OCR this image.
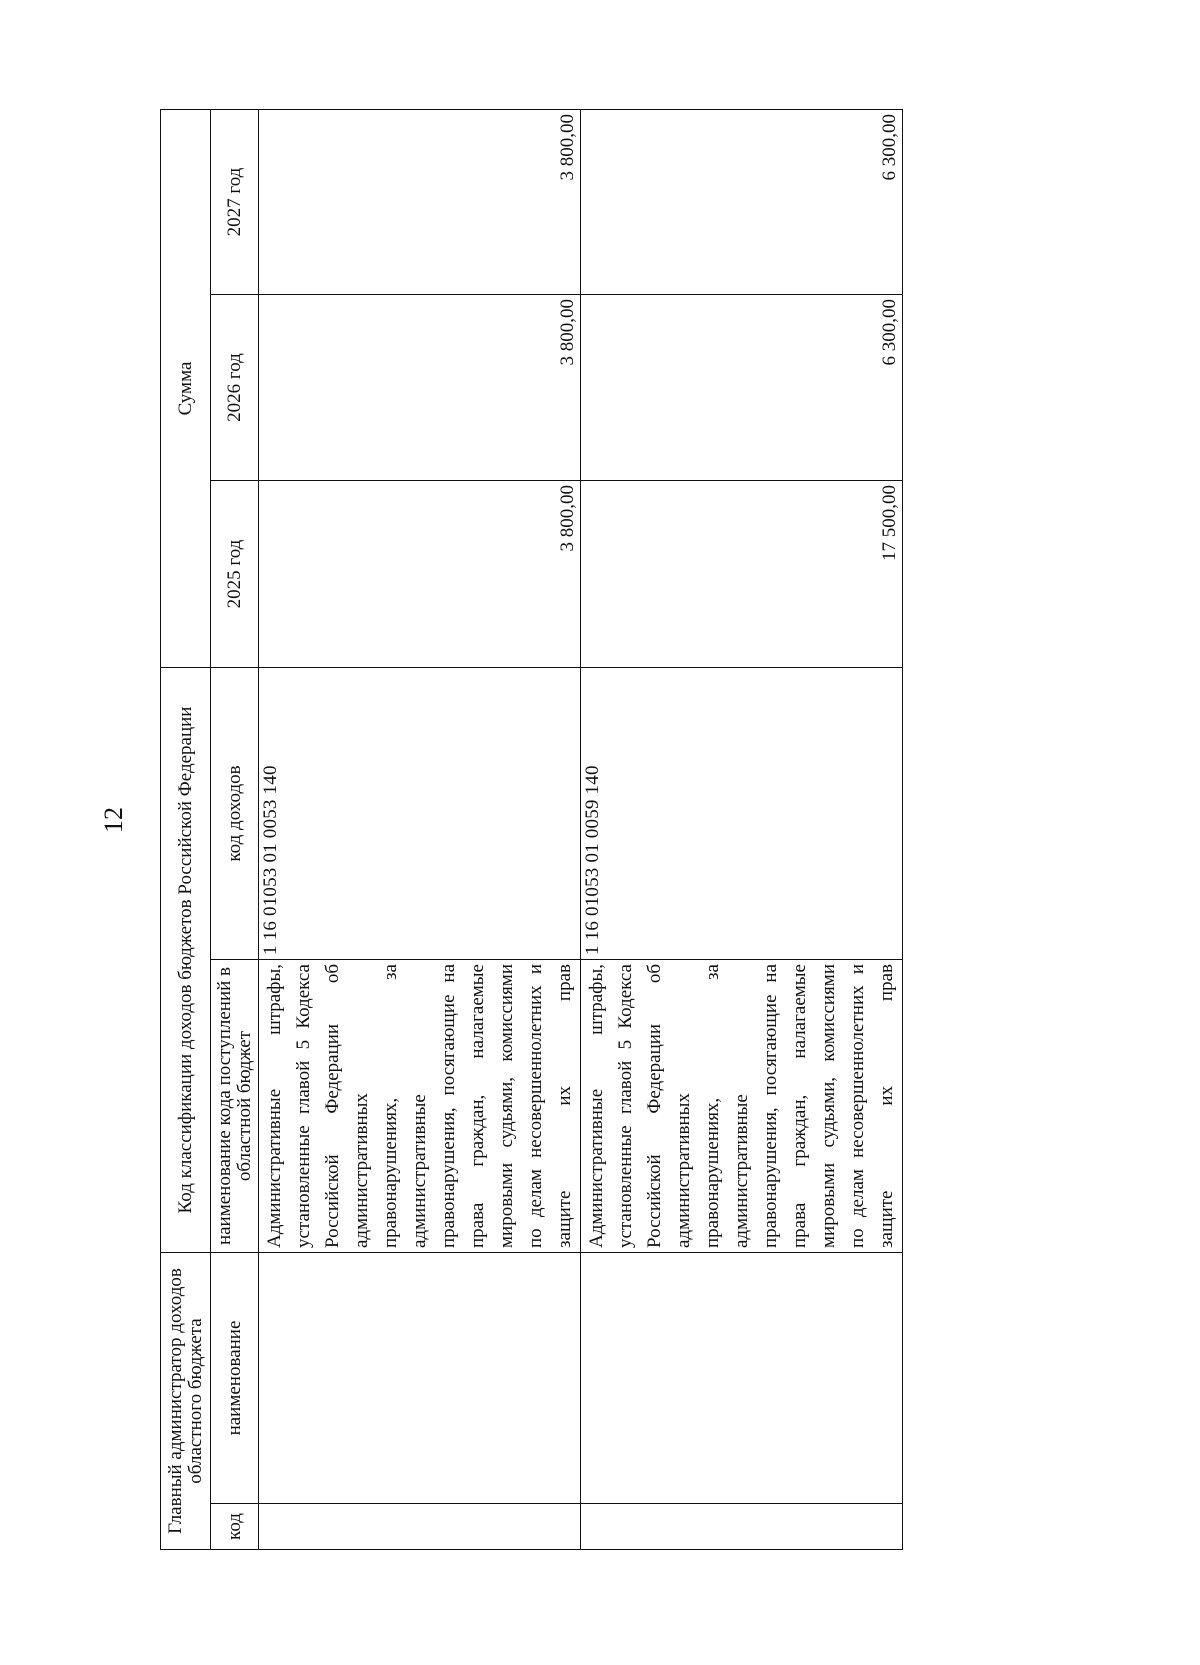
12
Главный администратор доходов областного бюджета		Код классификации доходов бюджетов Российской Федерации		Сумма		
код	наименование	наименование кода поступлений в областной бюджет	код доходов	2025 год	2026 год	2027 год
		Административные штрафы, установленные главой 5 Кодекса Российской Федерации об административных правонарушениях, за административные правонарушения, посягающие на права граждан, налагаемые мировыми судьями, комиссиями по делам несовершеннолетних и защите их прав	1 16 01053 01 0053 140	3 800,00	3 800,00	3 800,00
		Административные штрафы, установленные главой 5 Кодекса Российской Федерации об административных правонарушениях, за административные правонарушения, посягающие на права граждан, налагаемые мировыми судьями, комиссиями по делам несовершеннолетних и защите их прав	1 16 01053 01 0059 140	17 500,00	6 300,00	6 300,00
